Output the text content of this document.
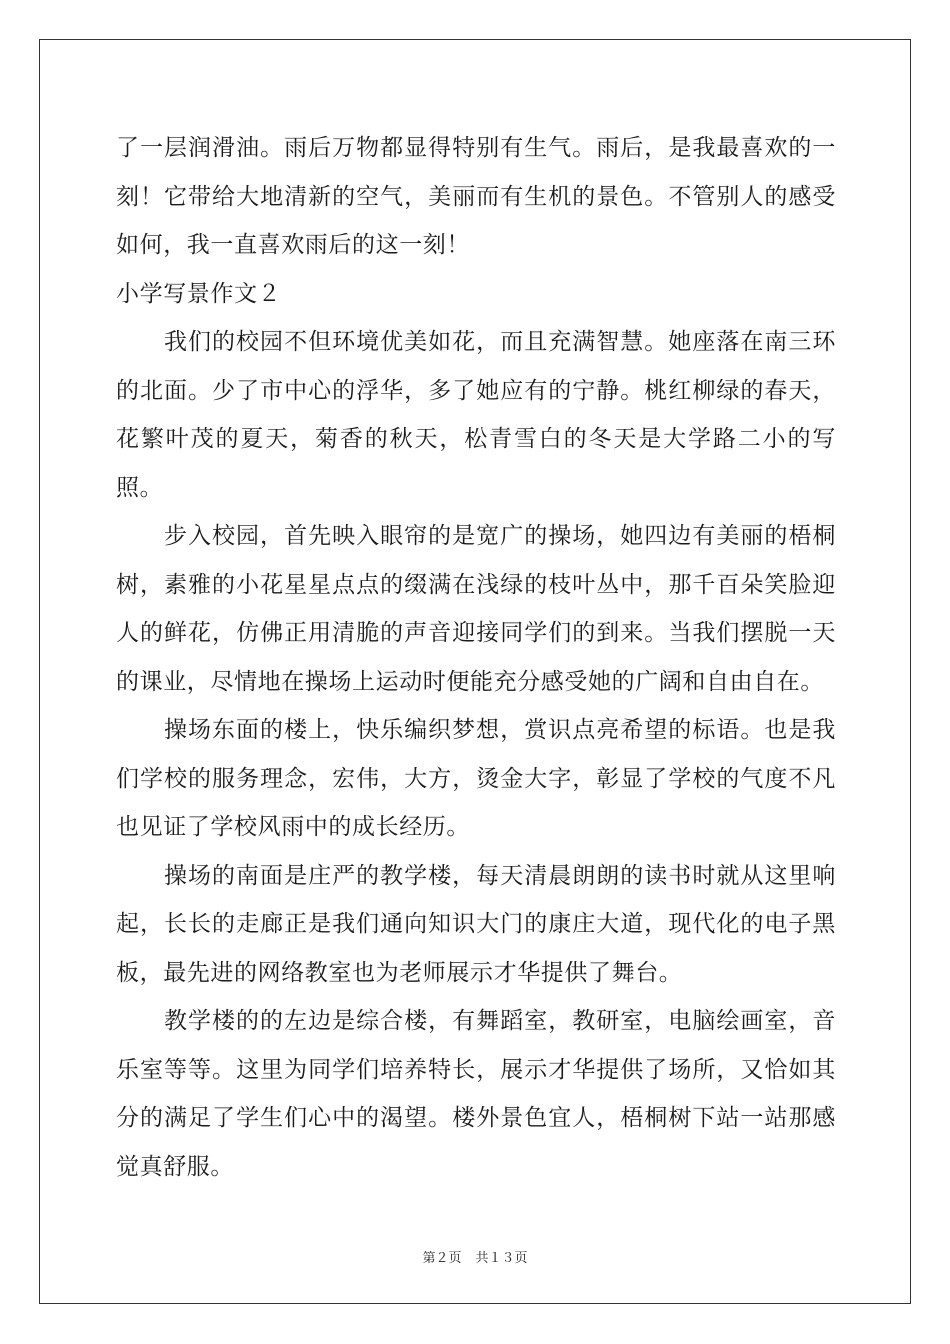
了一层润滑油。雨后万物都显得特别有生气。雨后，是我最喜欢的一刻！它带给大地清新的空气，美丽而有生机的景色。不管别人的感受如何，我一直喜欢雨后的这一刻！

小学写景作文２

我们的校园不但环境优美如花，而且充满智慧。她座落在南三环的北面。少了市中心的浮华，多了她应有的宁静。桃红柳绿的春天，花繁叶茂的夏天，菊香的秋天，松青雪白的冬天是大学路二小的写照。

步入校园，首先映入眼帘的是宽广的操场，她四边有美丽的梧桐树，素雅的小花星星点点的缀满在浅绿的枝叶丛中，那千百朵笑脸迎人的鲜花，仿佛正用清脆的声音迎接同学们的到来。当我们摆脱一天的课业，尽情地在操场上运动时便能充分感受她的广阔和自由自在。

操场东面的楼上，快乐编织梦想，赏识点亮希望的标语。也是我们学校的服务理念，宏伟，大方，烫金大字，彰显了学校的气度不凡也见证了学校风雨中的成长经历。

操场的南面是庄严的教学楼，每天清晨朗朗的读书时就从这里响起，长长的走廊正是我们通向知识大门的康庄大道，现代化的电子黑板，最先进的网络教室也为老师展示才华提供了舞台。

教学楼的的左边是综合楼，有舞蹈室，教研室，电脑绘画室，音乐室等等。这里为同学们培养特长，展示才华提供了场所，又恰如其分的满足了学生们心中的渴望。楼外景色宜人，梧桐树下站一站那感觉真舒服。

第２页 共１３页
